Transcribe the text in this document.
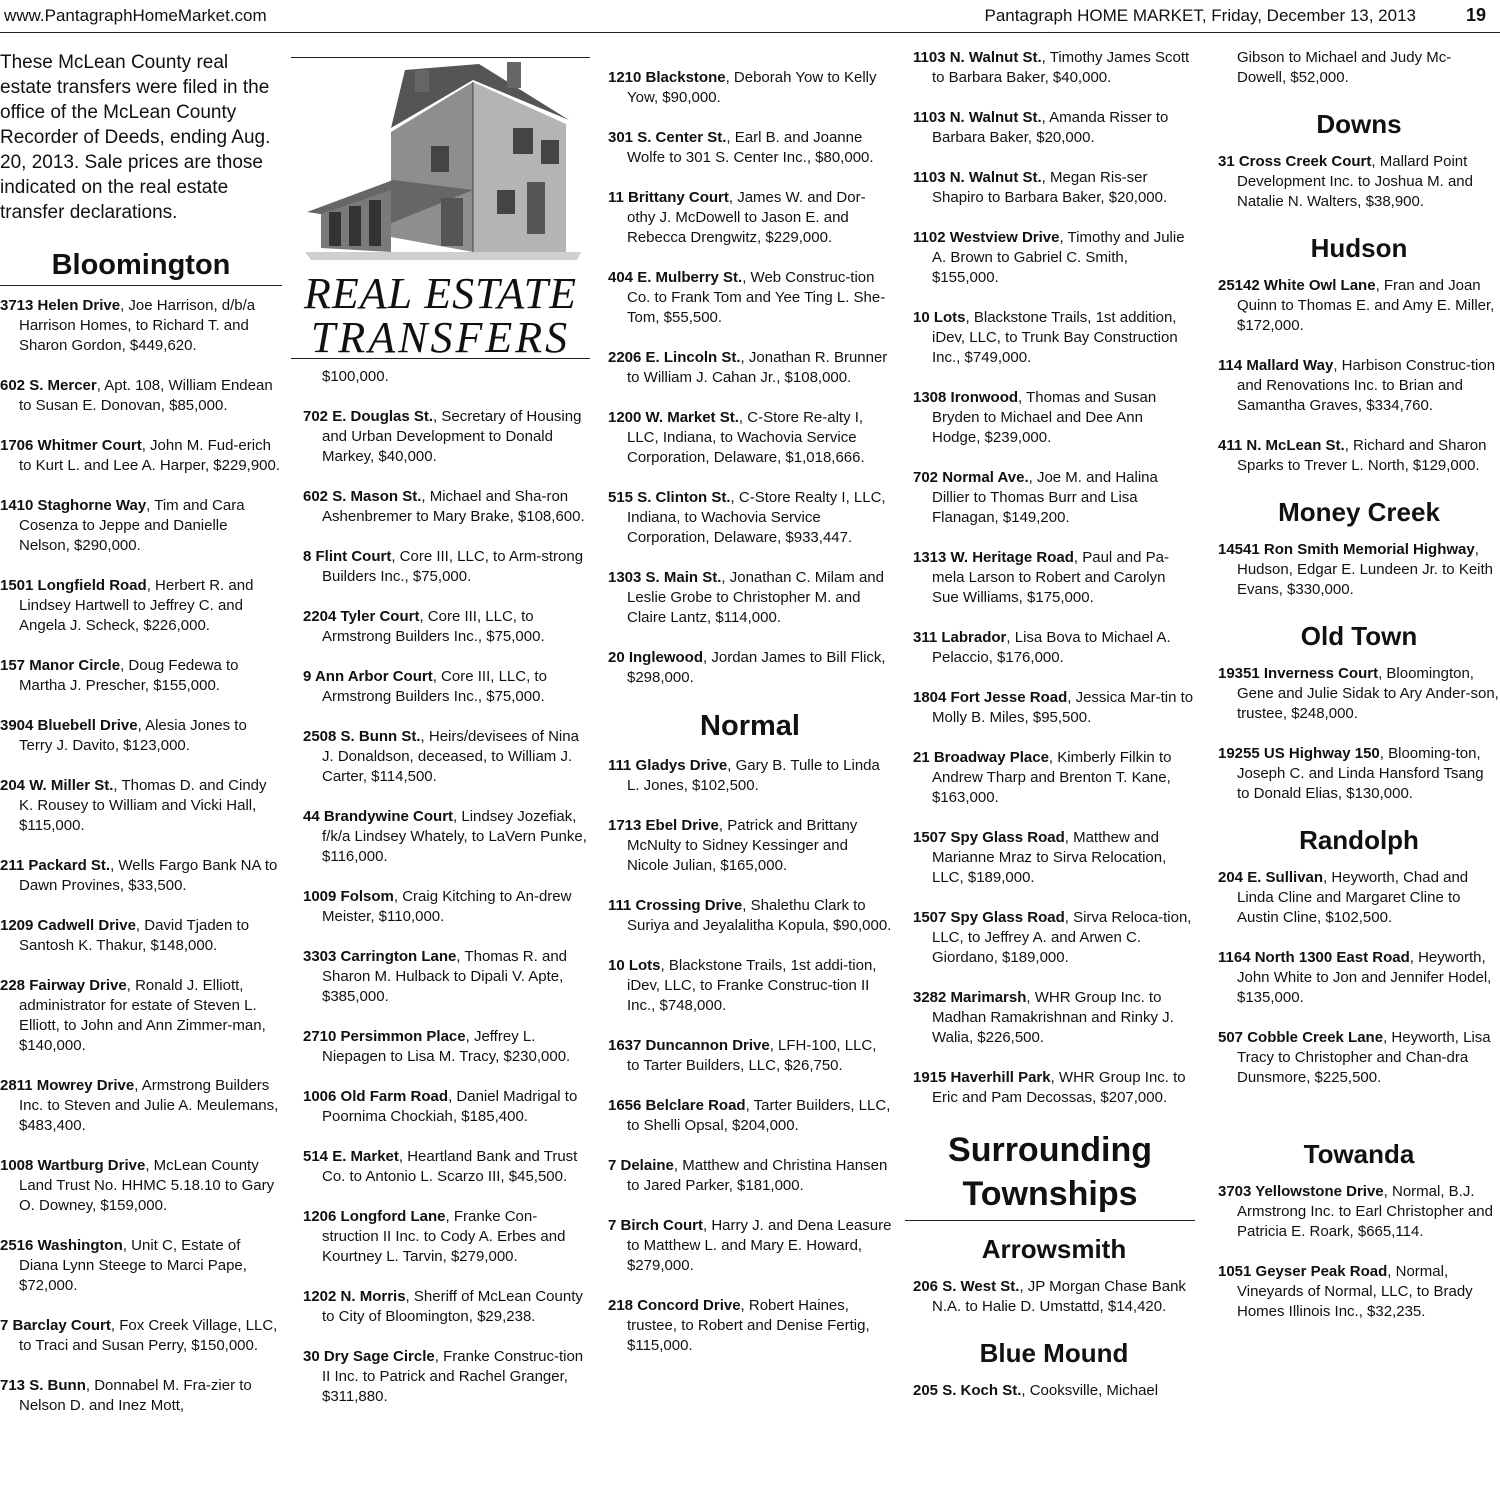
www.PantagraphHomeMarket.com	Pantagraph HOME MARKET, Friday, December 13, 2013	19
These McLean County real estate transfers were filed in the office of the McLean County Recorder of Deeds, ending Aug. 20, 2013. Sale prices are those indicated on the real estate transfer declarations.
Bloomington
3713 Helen Drive, Joe Harrison, d/b/a Harrison Homes, to Richard T. and Sharon Gordon, $449,620.
602 S. Mercer, Apt. 108, William Endean to Susan E. Donovan, $85,000.
1706 Whitmer Court, John M. Fud-erich to Kurt L. and Lee A. Harper, $229,900.
1410 Staghorne Way, Tim and Cara Cosenza to Jeppe and Danielle Nelson, $290,000.
1501 Longfield Road, Herbert R. and Lindsey Hartwell to Jeffrey C. and Angela J. Scheck, $226,000.
157 Manor Circle, Doug Fedewa to Martha J. Prescher, $155,000.
3904 Bluebell Drive, Alesia Jones to Terry J. Davito, $123,000.
204 W. Miller St., Thomas D. and Cindy K. Rousey to William and Vicki Hall, $115,000.
211 Packard St., Wells Fargo Bank NA to Dawn Provines, $33,500.
1209 Cadwell Drive, David Tjaden to Santosh K. Thakur, $148,000.
228 Fairway Drive, Ronald J. Elliott, administrator for estate of Steven L. Elliott, to John and Ann Zimmer-man, $140,000.
2811 Mowrey Drive, Armstrong Builders Inc. to Steven and Julie A. Meulemans, $483,400.
1008 Wartburg Drive, McLean County Land Trust No. HHMC 5.18.10 to Gary O. Downey, $159,000.
2516 Washington, Unit C, Estate of Diana Lynn Steege to Marci Pape, $72,000.
7 Barclay Court, Fox Creek Village, LLC, to Traci and Susan Perry, $150,000.
713 S. Bunn, Donnabel M. Fra-zier to Nelson D. and Inez Mott,
REAL ESTATE
TRANSFERS
$100,000.
702 E. Douglas St., Secretary of Housing and Urban Development to Donald Markey, $40,000.
602 S. Mason St., Michael and Sha-ron Ashenbremer to Mary Brake, $108,600.
8 Flint Court, Core III, LLC, to Arm-strong Builders Inc., $75,000.
2204 Tyler Court, Core III, LLC, to Armstrong Builders Inc., $75,000.
9 Ann Arbor Court, Core III, LLC, to Armstrong Builders Inc., $75,000.
2508 S. Bunn St., Heirs/devisees of Nina J. Donaldson, deceased, to William J. Carter, $114,500.
44 Brandywine Court, Lindsey Jozefiak, f/k/a Lindsey Whately, to LaVern Punke, $116,000.
1009 Folsom, Craig Kitching to An-drew Meister, $110,000.
3303 Carrington Lane, Thomas R. and Sharon M. Hulback to Dipali V. Apte, $385,000.
2710 Persimmon Place, Jeffrey L. Niepagen to Lisa M. Tracy, $230,000.
1006 Old Farm Road, Daniel Madrigal to Poornima Chockiah, $185,400.
514 E. Market, Heartland Bank and Trust Co. to Antonio L. Scarzo III, $45,500.
1206 Longford Lane, Franke Con-struction II Inc. to Cody A. Erbes and Kourtney L. Tarvin, $279,000.
1202 N. Morris, Sheriff of McLean County to City of Bloomington, $29,238.
30 Dry Sage Circle, Franke Construc-tion II Inc. to Patrick and Rachel Granger, $311,880.
1210 Blackstone, Deborah Yow to Kelly Yow, $90,000.
301 S. Center St., Earl B. and Joanne Wolfe to 301 S. Center Inc., $80,000.
11 Brittany Court, James W. and Dor-othy J. McDowell to Jason E. and Rebecca Drengwitz, $229,000.
404 E. Mulberry St., Web Construc-tion Co. to Frank Tom and Yee Ting L. She-Tom, $55,500.
2206 E. Lincoln St., Jonathan R. Brunner to William J. Cahan Jr., $108,000.
1200 W. Market St., C-Store Re-alty I, LLC, Indiana, to Wachovia Service Corporation, Delaware, $1,018,666.
515 S. Clinton St., C-Store Realty I, LLC, Indiana, to Wachovia Service Corporation, Delaware, $933,447.
1303 S. Main St., Jonathan C. Milam and Leslie Grobe to Christopher M. and Claire Lantz, $114,000.
20 Inglewood, Jordan James to Bill Flick, $298,000.
Normal
111 Gladys Drive, Gary B. Tulle to Linda L. Jones, $102,500.
1713 Ebel Drive, Patrick and Brittany McNulty to Sidney Kessinger and Nicole Julian, $165,000.
111 Crossing Drive, Shalethu Clark to Suriya and Jeyalalitha Kopula, $90,000.
10 Lots, Blackstone Trails, 1st addi-tion, iDev, LLC, to Franke Construc-tion II Inc., $748,000.
1637 Duncannon Drive, LFH-100, LLC, to Tarter Builders, LLC, $26,750.
1656 Belclare Road, Tarter Builders, LLC, to Shelli Opsal, $204,000.
7 Delaine, Matthew and Christina Hansen to Jared Parker, $181,000.
7 Birch Court, Harry J. and Dena Leasure to Matthew L. and Mary E. Howard, $279,000.
218 Concord Drive, Robert Haines, trustee, to Robert and Denise Fertig, $115,000.
1103 N. Walnut St., Timothy James Scott to Barbara Baker, $40,000.
1103 N. Walnut St., Amanda Risser to Barbara Baker, $20,000.
1103 N. Walnut St., Megan Ris-ser Shapiro to Barbara Baker, $20,000.
1102 Westview Drive, Timothy and Julie A. Brown to Gabriel C. Smith, $155,000.
10 Lots, Blackstone Trails, 1st addition, iDev, LLC, to Trunk Bay Construction Inc., $749,000.
1308 Ironwood, Thomas and Susan Bryden to Michael and Dee Ann Hodge, $239,000.
702 Normal Ave., Joe M. and Halina Dillier to Thomas Burr and Lisa Flanagan, $149,200.
1313 W. Heritage Road, Paul and Pa-mela Larson to Robert and Carolyn Sue Williams, $175,000.
311 Labrador, Lisa Bova to Michael A. Pelaccio, $176,000.
1804 Fort Jesse Road, Jessica Mar-tin to Molly B. Miles, $95,500.
21 Broadway Place, Kimberly Filkin to Andrew Tharp and Brenton T. Kane, $163,000.
1507 Spy Glass Road, Matthew and Marianne Mraz to Sirva Relocation, LLC, $189,000.
1507 Spy Glass Road, Sirva Reloca-tion, LLC, to Jeffrey A. and Arwen C. Giordano, $189,000.
3282 Marimarsh, WHR Group Inc. to Madhan Ramakrishnan and Rinky J. Walia, $226,500.
1915 Haverhill Park, WHR Group Inc. to Eric and Pam Decossas, $207,000.
Surrounding Townships
Arrowsmith
206 S. West St., JP Morgan Chase Bank N.A. to Halie D. Umstattd, $14,420.
Blue Mound
205 S. Koch St., Cooksville, Michael
Gibson to Michael and Judy Mc-Dowell, $52,000.
Downs
31 Cross Creek Court, Mallard Point Development Inc. to Joshua M. and Natalie N. Walters, $38,900.
Hudson
25142 White Owl Lane, Fran and Joan Quinn to Thomas E. and Amy E. Miller, $172,000.
114 Mallard Way, Harbison Construc-tion and Renovations Inc. to Brian and Samantha Graves, $334,760.
411 N. McLean St., Richard and Sharon Sparks to Trever L. North, $129,000.
Money Creek
14541 Ron Smith Memorial Highway, Hudson, Edgar E. Lundeen Jr. to Keith Evans, $330,000.
Old Town
19351 Inverness Court, Bloomington, Gene and Julie Sidak to Ary Ander-son, trustee, $248,000.
19255 US Highway 150, Blooming-ton, Joseph C. and Linda Hansford Tsang to Donald Elias, $130,000.
Randolph
204 E. Sullivan, Heyworth, Chad and Linda Cline and Margaret Cline to Austin Cline, $102,500.
1164 North 1300 East Road, Heyworth, John White to Jon and Jennifer Hodel, $135,000.
507 Cobble Creek Lane, Heyworth, Lisa Tracy to Christopher and Chan-dra Dunsmore, $225,500.
Towanda
3703 Yellowstone Drive, Normal, B.J. Armstrong Inc. to Earl Christopher and Patricia E. Roark, $665,114.
1051 Geyser Peak Road, Normal, Vineyards of Normal, LLC, to Brady Homes Illinois Inc., $32,235.
